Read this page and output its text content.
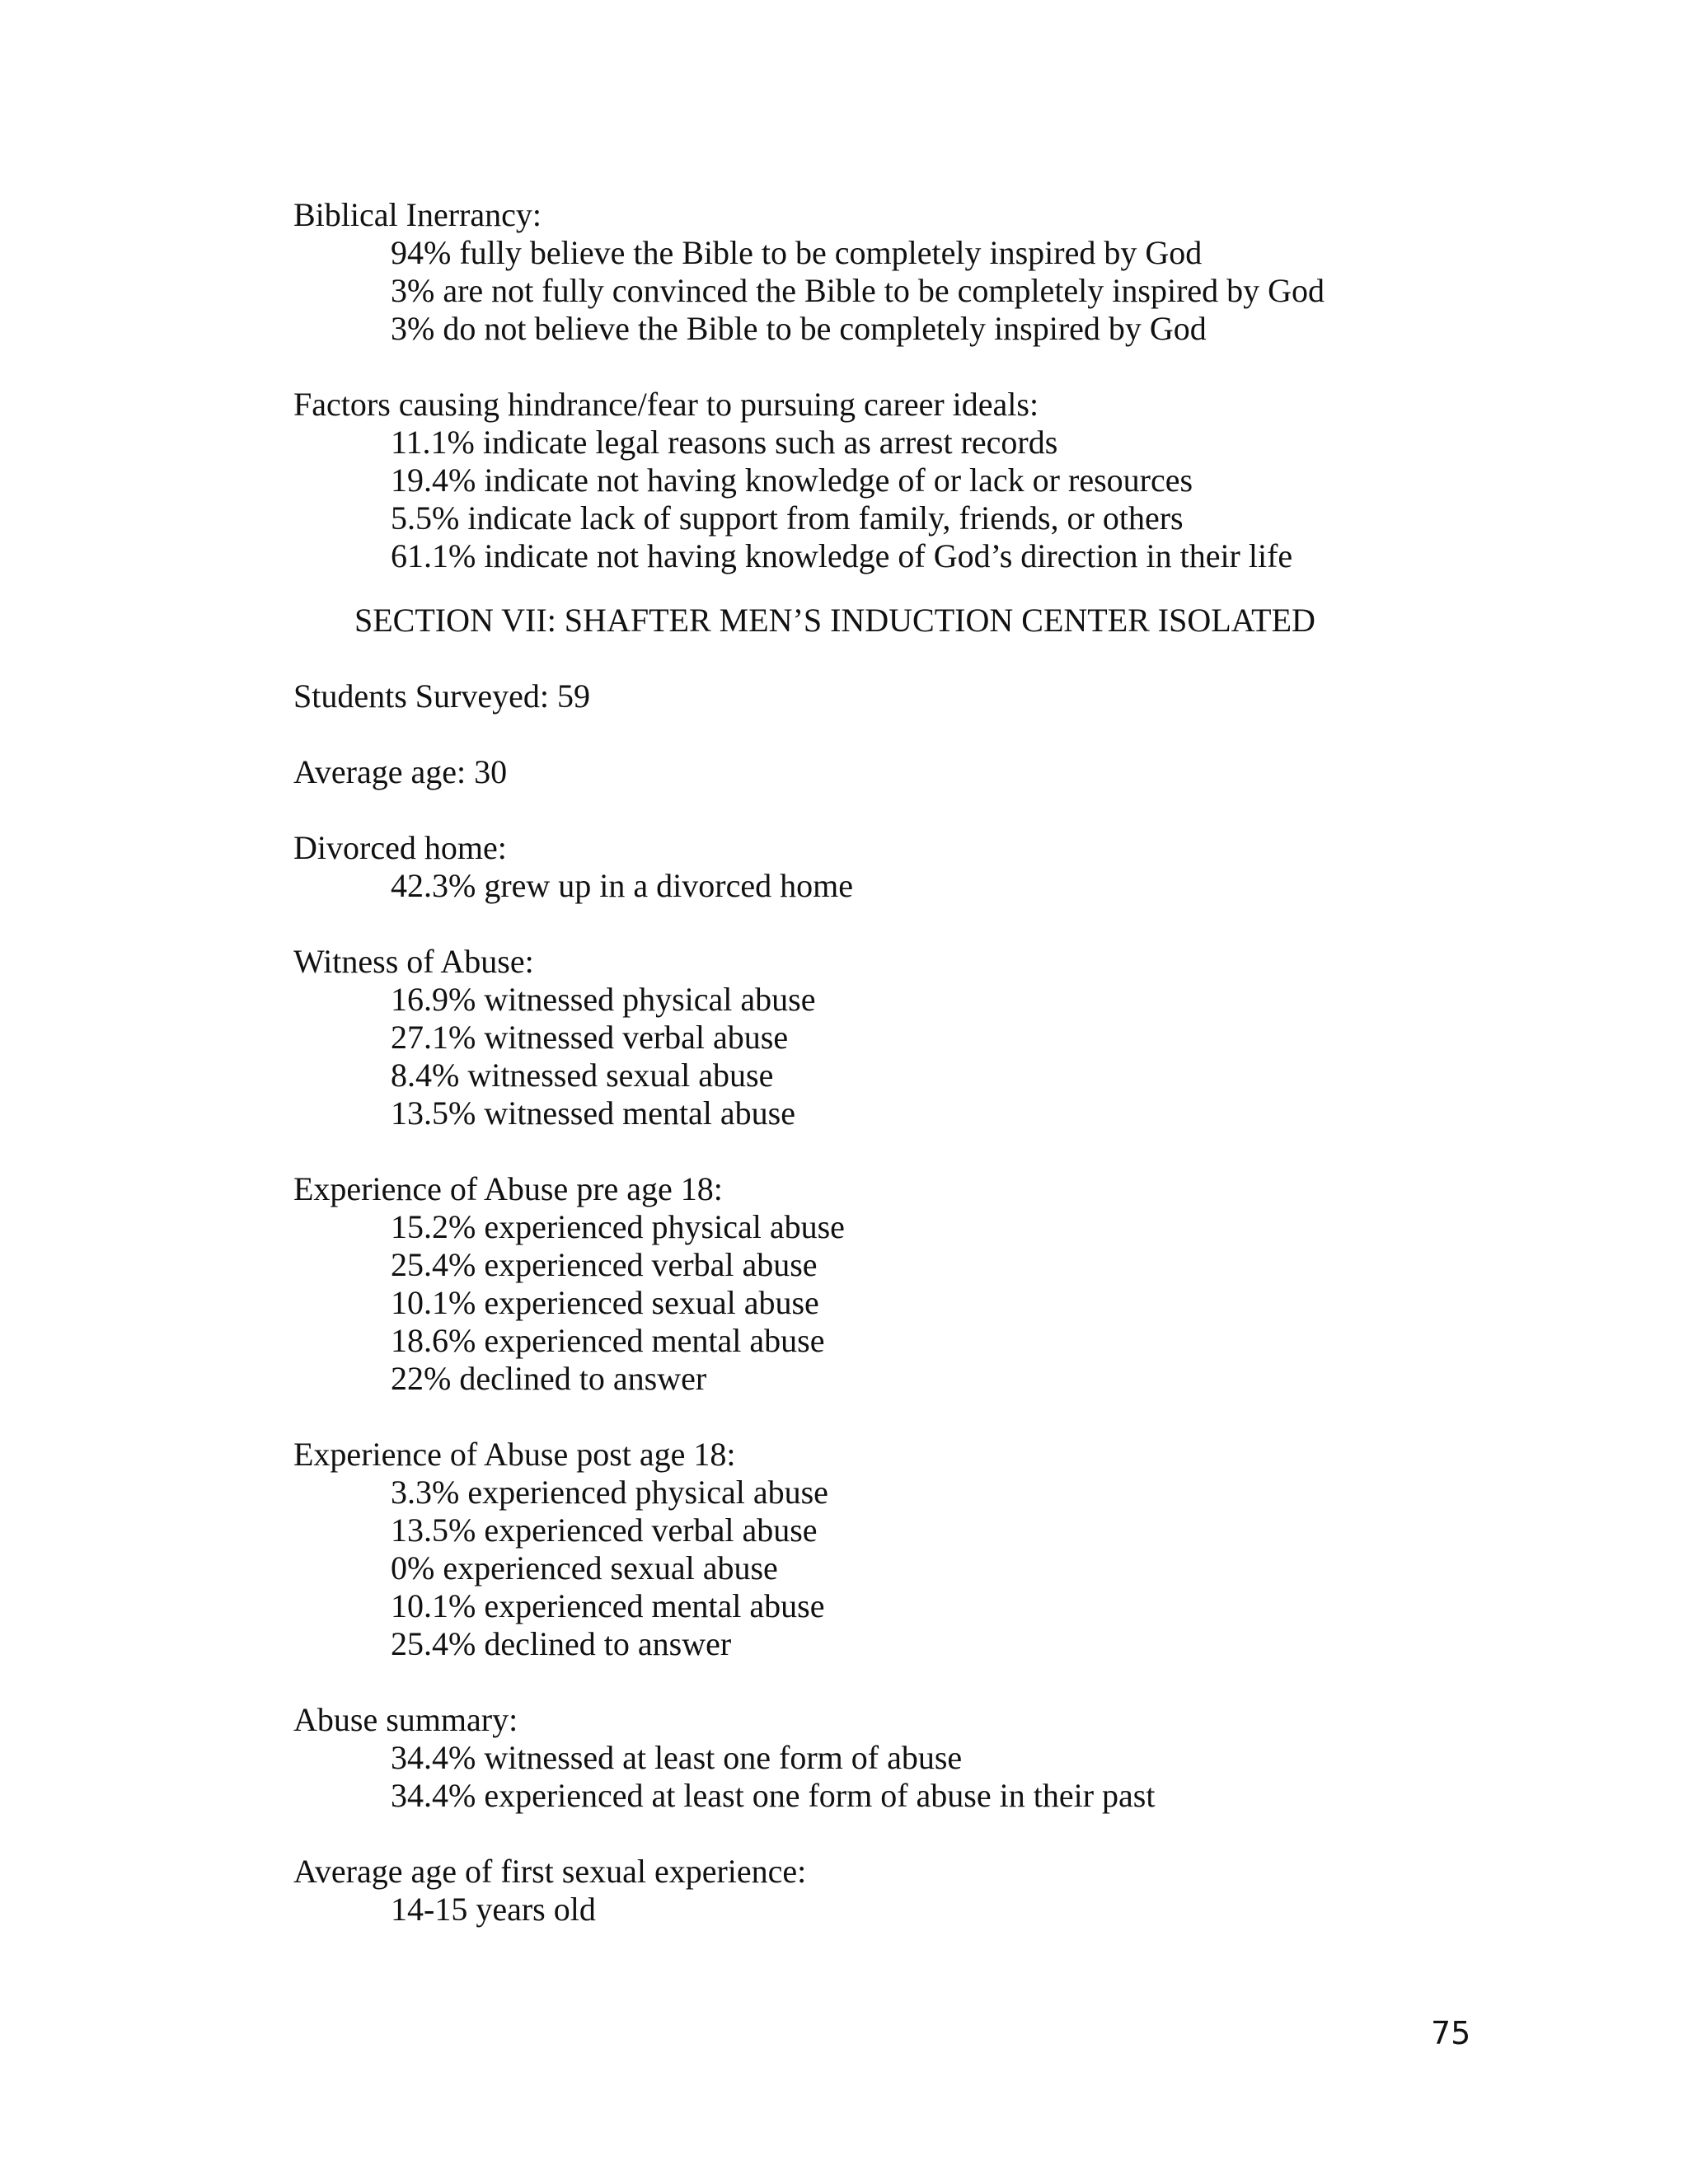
Biblical Inerrancy:
94% fully believe the Bible to be completely inspired by God
3% are not fully convinced the Bible to be completely inspired by God
3% do not believe the Bible to be completely inspired by God
Factors causing hindrance/fear to pursuing career ideals:
11.1% indicate legal reasons such as arrest records
19.4% indicate not having knowledge of or lack or resources
5.5% indicate lack of support from family, friends, or others
61.1% indicate not having knowledge of God’s direction in their life
SECTION VII: SHAFTER MEN’S INDUCTION CENTER ISOLATED
Students Surveyed: 59
Average age: 30
Divorced home:
42.3% grew up in a divorced home
Witness of Abuse:
16.9% witnessed physical abuse
27.1% witnessed verbal abuse
8.4% witnessed sexual abuse
13.5% witnessed mental abuse
Experience of Abuse pre age 18:
15.2% experienced physical abuse
25.4% experienced verbal abuse
10.1% experienced sexual abuse
18.6% experienced mental abuse
22% declined to answer
Experience of Abuse post age 18:
3.3% experienced physical abuse
13.5% experienced verbal abuse
0% experienced sexual abuse
10.1% experienced mental abuse
25.4% declined to answer
Abuse summary:
34.4% witnessed at least one form of abuse
34.4% experienced at least one form of abuse in their past
Average age of first sexual experience:
14-15 years old
75
